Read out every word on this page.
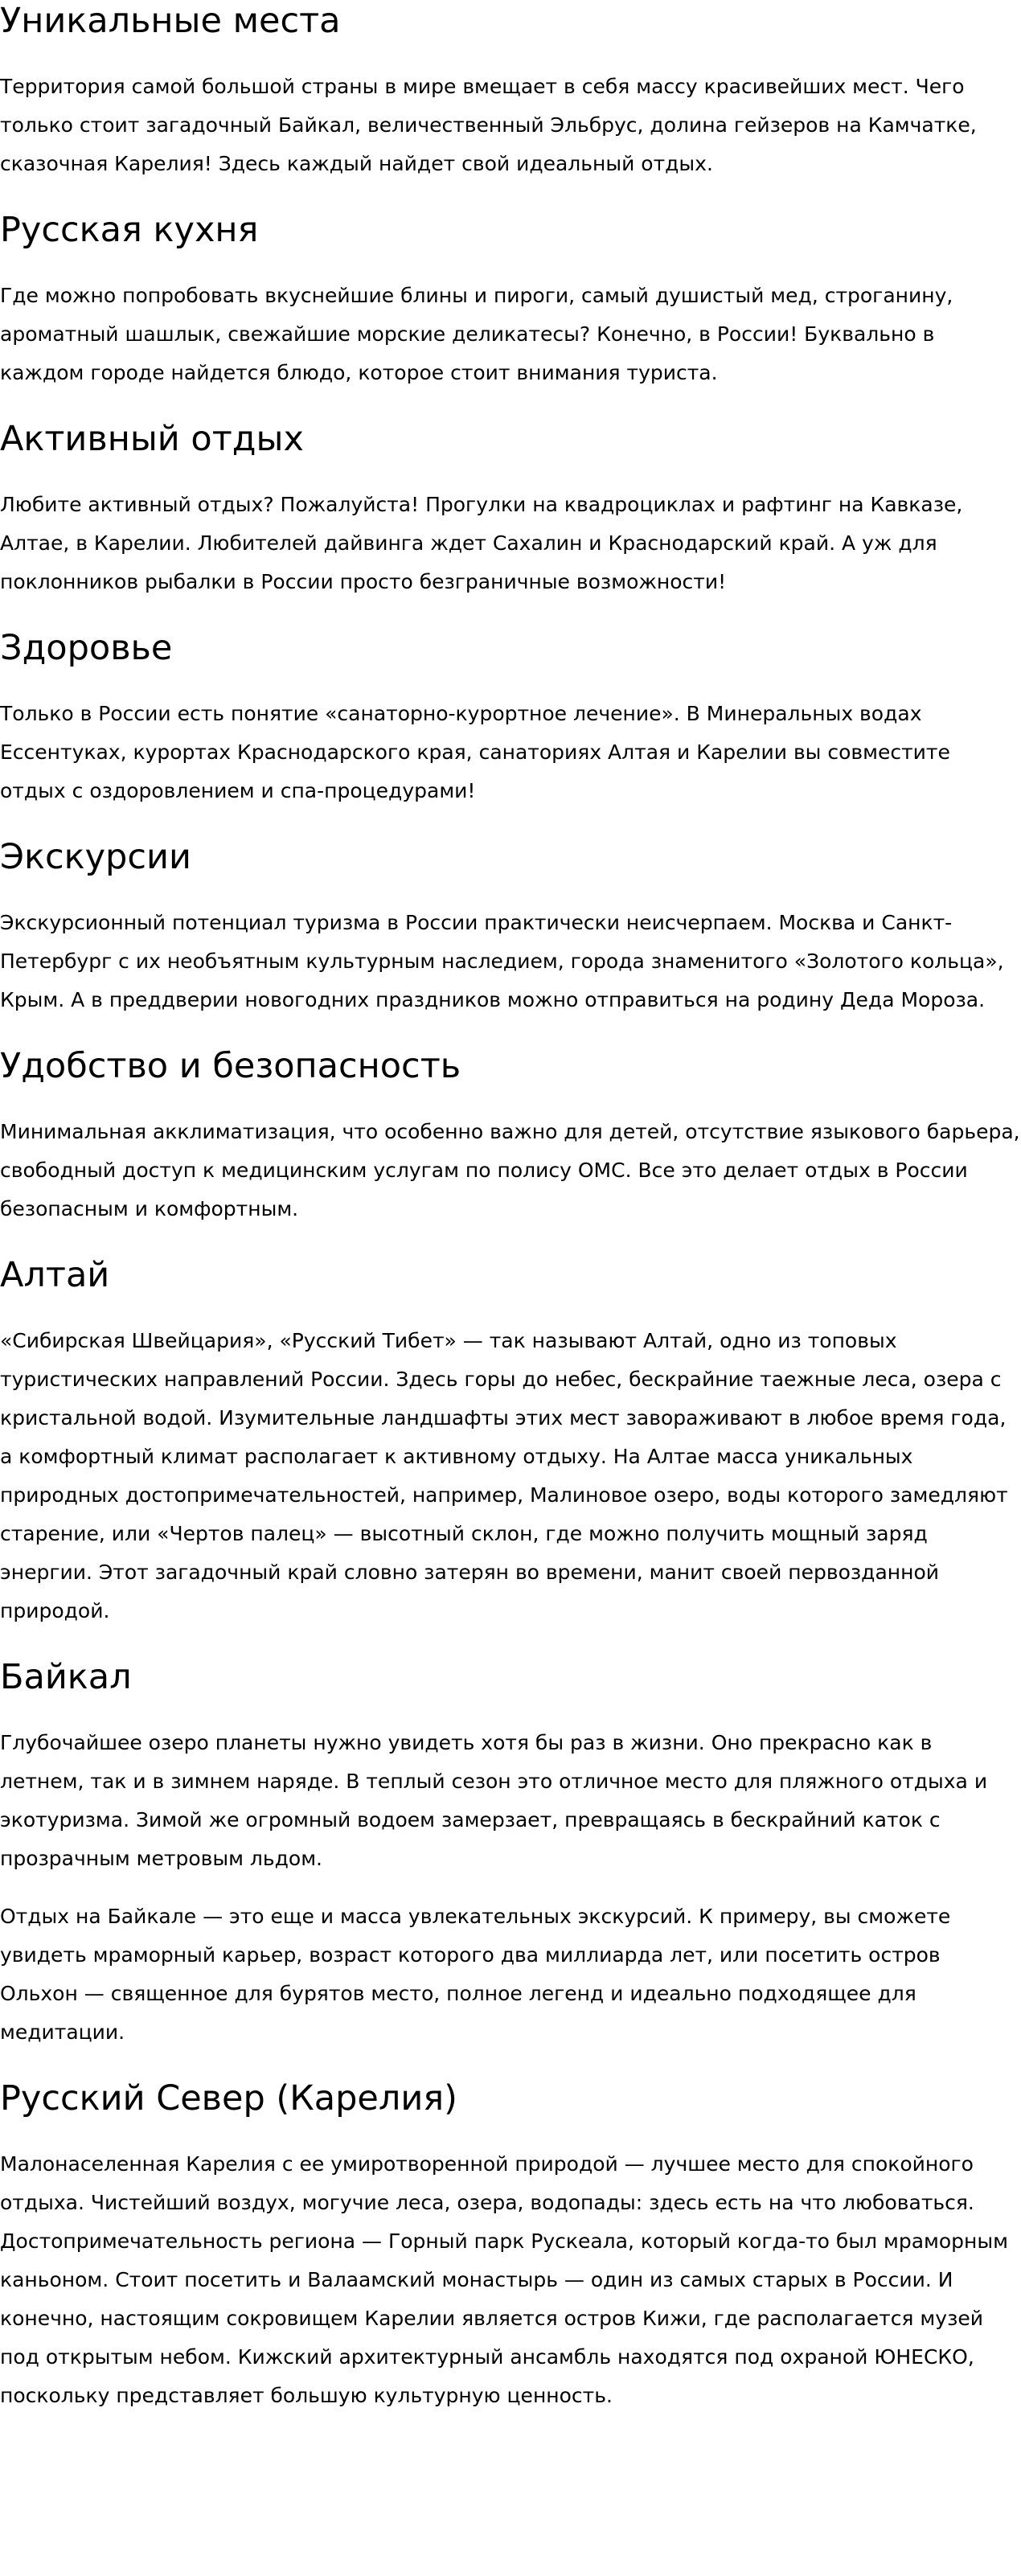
Уникальные места

Территория самой большой страны в мире вмещает в себя массу красивейших мест. Чего только стоит загадочный Байкал, величественный Эльбрус, долина гейзеров на Камчатке, сказочная Карелия! Здесь каждый найдет свой идеальный отдых.

Русская кухня

Где можно попробовать вкуснейшие блины и пироги, самый душистый мед, строганину, ароматный шашлык, свежайшие морские деликатесы? Конечно, в России! Буквально в каждом городе найдется блюдо, которое стоит внимания туриста.

Активный отдых

Любите активный отдых? Пожалуйста! Прогулки на квадроциклах и рафтинг на Кавказе, Алтае, в Карелии. Любителей дайвинга ждет Сахалин и Краснодарский край. А уж для поклонников рыбалки в России просто безграничные возможности!

Здоровье

Только в России есть понятие «санаторно-курортное лечение». В Минеральных водах Ессентуках, курортах Краснодарского края, санаториях Алтая и Карелии вы совместите отдых с оздоровлением и спа-процедурами!

Экскурсии

Экскурсионный потенциал туризма в России практически неисчерпаем. Москва и Санкт-Петербург с их необъятным культурным наследием, города знаменитого «Золотого кольца», Крым. А в преддверии новогодних праздников можно отправиться на родину Деда Мороза.

Удобство и безопасность

Минимальная акклиматизация, что особенно важно для детей, отсутствие языкового барьера, свободный доступ к медицинским услугам по полису ОМС. Все это делает отдых в России безопасным и комфортным.

Алтай

«Сибирская Швейцария», «Русский Тибет» — так называют Алтай, одно из топовых туристических направлений России. Здесь горы до небес, бескрайние таежные леса, озера с кристальной водой. Изумительные ландшафты этих мест завораживают в любое время года, а комфортный климат располагает к активному отдыху. На Алтае масса уникальных природных достопримечательностей, например, Малиновое озеро, воды которого замедляют старение, или «Чертов палец» — высотный склон, где можно получить мощный заряд энергии. Этот загадочный край словно затерян во времени, манит своей первозданной природой.

Байкал

Глубочайшее озеро планеты нужно увидеть хотя бы раз в жизни. Оно прекрасно как в летнем, так и в зимнем наряде. В теплый сезон это отличное место для пляжного отдыха и экотуризма. Зимой же огромный водоем замерзает, превращаясь в бескрайний каток с прозрачным метровым льдом.

Отдых на Байкале — это еще и масса увлекательных экскурсий. К примеру, вы сможете увидеть мраморный карьер, возраст которого два миллиарда лет, или посетить остров Ольхон — священное для бурятов место, полное легенд и идеально подходящее для медитации.

Русский Север (Карелия)

Малонаселенная Карелия с ее умиротворенной природой — лучшее место для спокойного отдыха. Чистейший воздух, могучие леса, озера, водопады: здесь есть на что любоваться. Достопримечательность региона — Горный парк Рускеала, который когда-то был мраморным каньоном. Стоит посетить и Валаамский монастырь — один из самых старых в России. И конечно, настоящим сокровищем Карелии является остров Кижи, где располагается музей под открытым небом. Кижский архитектурный ансамбль находятся под охраной ЮНЕСКО, поскольку представляет большую культурную ценность.
